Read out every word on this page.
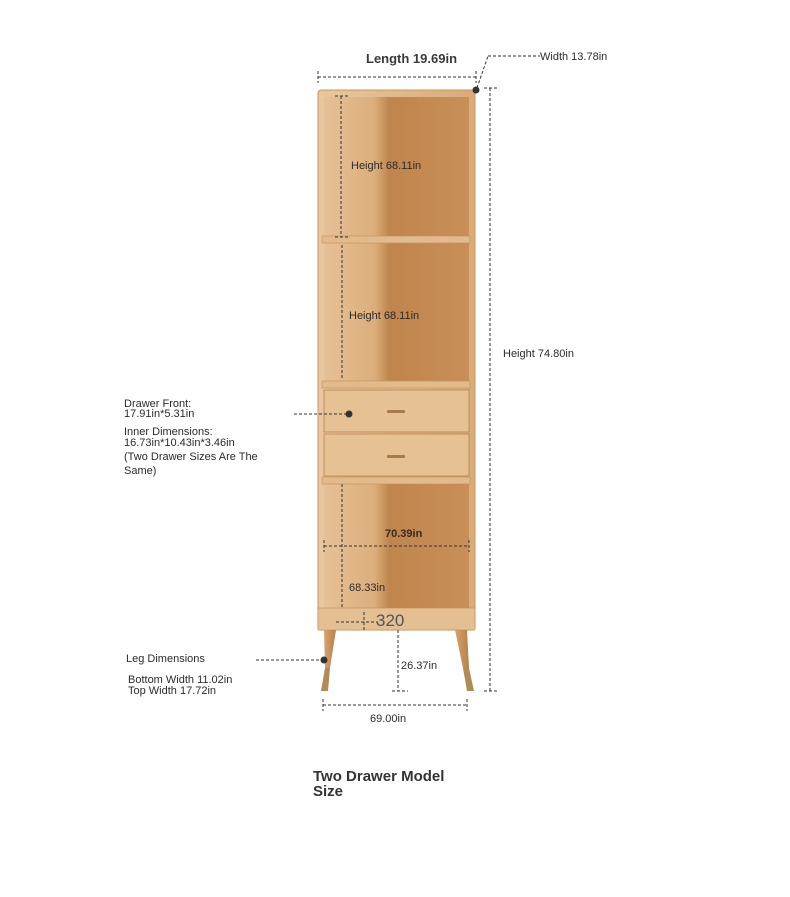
Length 19.69in	Width 13.78in
Height 74.80in
Height 68.11in
Height 68.11in
70.39in
68.33in
320
26.37in
69.00in
Drawer Front:
17.91in*5.31in
Inner Dimensions:
16.73in*10.43in*3.46in
(Two Drawer Sizes Are The
Same)
Leg Dimensions
Bottom Width 11.02in
Top Width 17.72in
Two Drawer Model
Size
